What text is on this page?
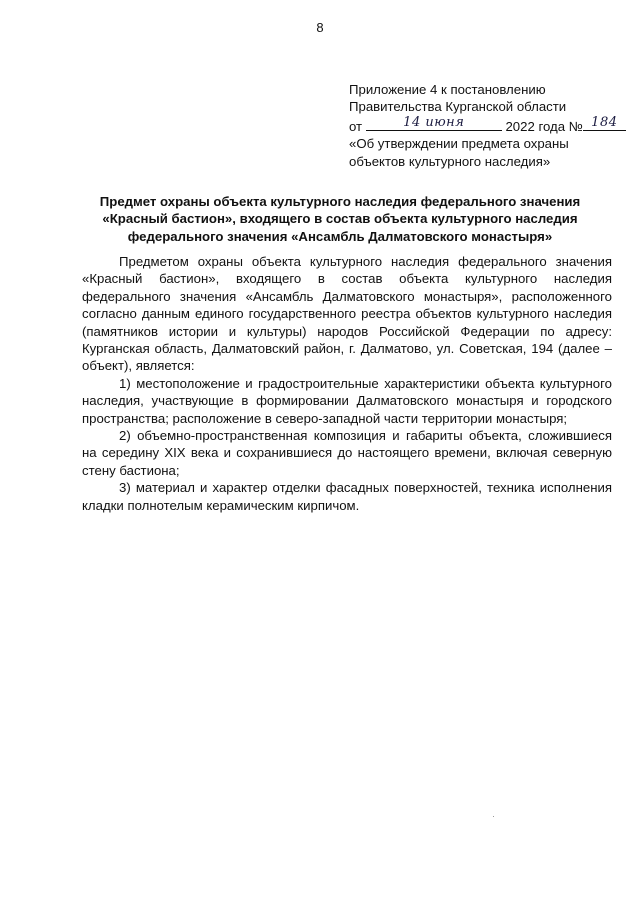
8
Приложение 4 к постановлению
Правительства Курганской области
от	14 июня	2022 года № 184
«Об утверждении предмета охраны
объектов культурного наследия»
Предмет охраны объекта культурного наследия федерального значения «Красный бастион», входящего в состав объекта культурного наследия федерального значения «Ансамбль Далматовского монастыря»

Предметом охраны объекта культурного наследия федерального значения «Красный бастион», входящего в состав объекта культурного наследия федерального значения «Ансамбль Далматовского монастыря», расположенного согласно данным единого государственного реестра объектов культурного наследия (памятников истории и культуры) народов Российской Федерации по адресу: Курганская область, Далматовский район, г. Далматово, ул. Советская, 194 (далее – объект), является:

1) местоположение и градостроительные характеристики объекта культурного наследия, участвующие в формировании Далматовского монастыря и городского пространства; расположение в северо-западной части территории монастыря;

2) объемно-пространственная композиция и габариты объекта, сложившиеся на середину XIX века и сохранившиеся до настоящего времени, включая северную стену бастиона;

3) материал и характер отделки фасадных поверхностей, техника исполнения кладки полнотелым керамическим кирпичом.
